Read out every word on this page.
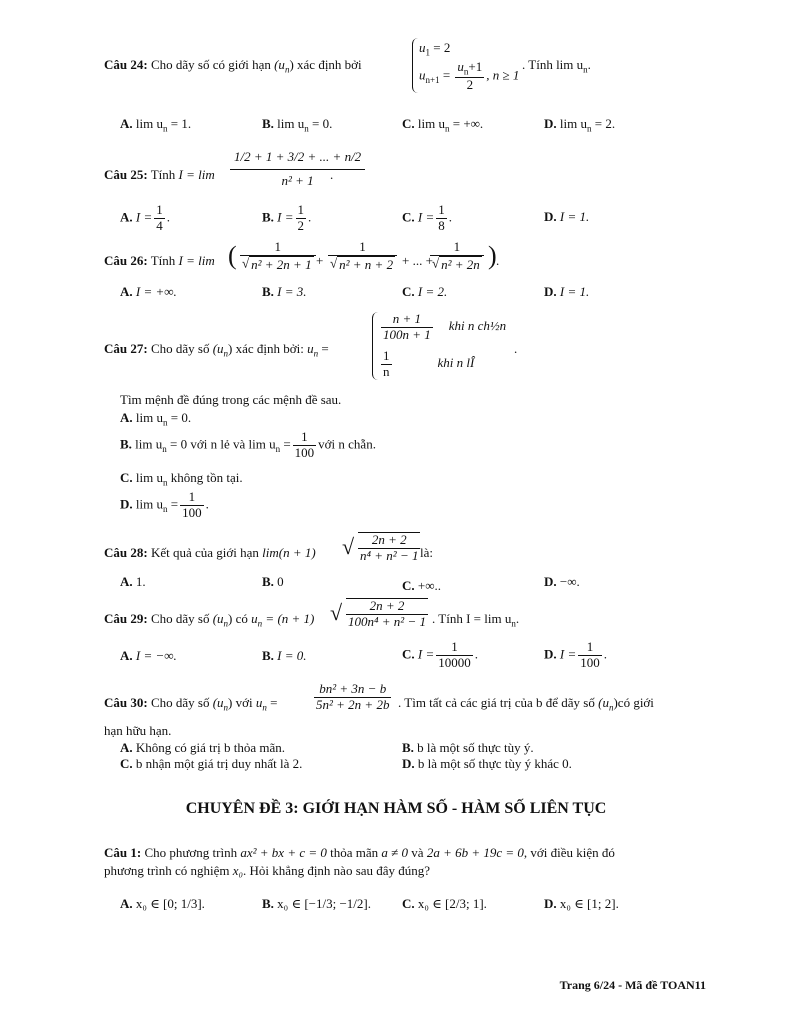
Câu 24: Cho dãy số có giới hạn $(u_n)$ xác định bởi
$u_1 = 2$
$u_{n+1} = \frac{u_n+1}{2}$ , n ≥ 1
. Tính $\lim u_n$.
A. $\lim u_n = 1$.	B. $\lim u_n = 0$.	C. $\lim u_n$ = +∞.	D. $\lim u_n = 2$.
Câu 25: Tính $I = \lim \frac{1/2 + 1 + 3/2 + ... + n/2}{\text{n² + 1}}$
.
A. $I = \frac{1}{4}$ .	B. $I = \frac{1}{2}$ .	C. $I = \frac{1}{8}$ .	D. I = 1.
Câu 26: Tính I = lim ( $\frac{1}{\text{√ n² + 2n + 1}} + \frac{1}{\text{√ n² + n + 2}}$ + ... +
$\frac{1}{\text{√ n² + 2n}}$ ) .
A. I = +∞.	B. I = 3.	C. I = 2.	D. I = 1.
Câu 27: Cho dãy số $(u_n)$ xác định bởi: $u_n$ =
$\frac{n + 1}{100n + 1}$ khi n ch½n
$\frac{1}{n}$	khi n lÎ
.
Tìm mệnh đề đúng trong các mệnh đề sau.
A. $\lim u_n = 0$.
B. $\lim u_n = 0$ với n lẻ và $\lim u_n = \frac{1}{100}$ với n chẵn.
C. $\lim u_n$ không tồn tại.
D. $\lim u_n = \frac{1}{100}$ .
Câu 28: Kết quả của giới hạn lim(n + 1) √ $\frac{2n + 2}{\text{n⁴ + n² − 1}}$ là:
A. 1.	B. 0	C. +∞..	D. −∞.
Câu 29: Cho dãy số $(u_n)$ có $u_n = (n + 1)$ √ $\frac{2n + 2}{\text{100n⁴ + n² − 1}}$ . Tính $I = \lim u_n$.
A. I = −∞.	B. I = 0.	C. $I = \frac{1}{10000}$ .	D. $I = \frac{1}{100}$ .
Câu 30: Cho dãy số $(u_n)$ với $u_n$ =	$\frac{\text{bn² + 3n − b}}{\text{5n² + 2n + 2b}}$ . Tìm tất cả các giá trị của b để dãy số $(u_n)có$ giới
hạn hữu hạn.
A. Không có giá trị b thỏa mãn.	B. b là một số thực tùy ý.
C. b nhận một giá trị duy nhất là 2.	D. b là một số thực tùy ý khác 0.
CHUYÊN ĐỀ 3: GIỚI HẠN HÀM SỐ - HÀM SỐ LIÊN TỤC
Câu 1: Cho phương trình ax² + bx + c = 0 thỏa mãn a ≠ 0 và 2a + 6b + 19c = 0, với điều kiện đó
phương trình có nghiệm x₀. Hỏi khẳng định nào sau đây đúng?
A. x₀ ∈ [0; 1/3].	B. x₀ ∈ [−1/3; −1/2]. C. x₀ ∈ [2/3; 1].	D. x₀ ∈ [1; 2].
Trang 6/24 - Mã đề TOAN11
